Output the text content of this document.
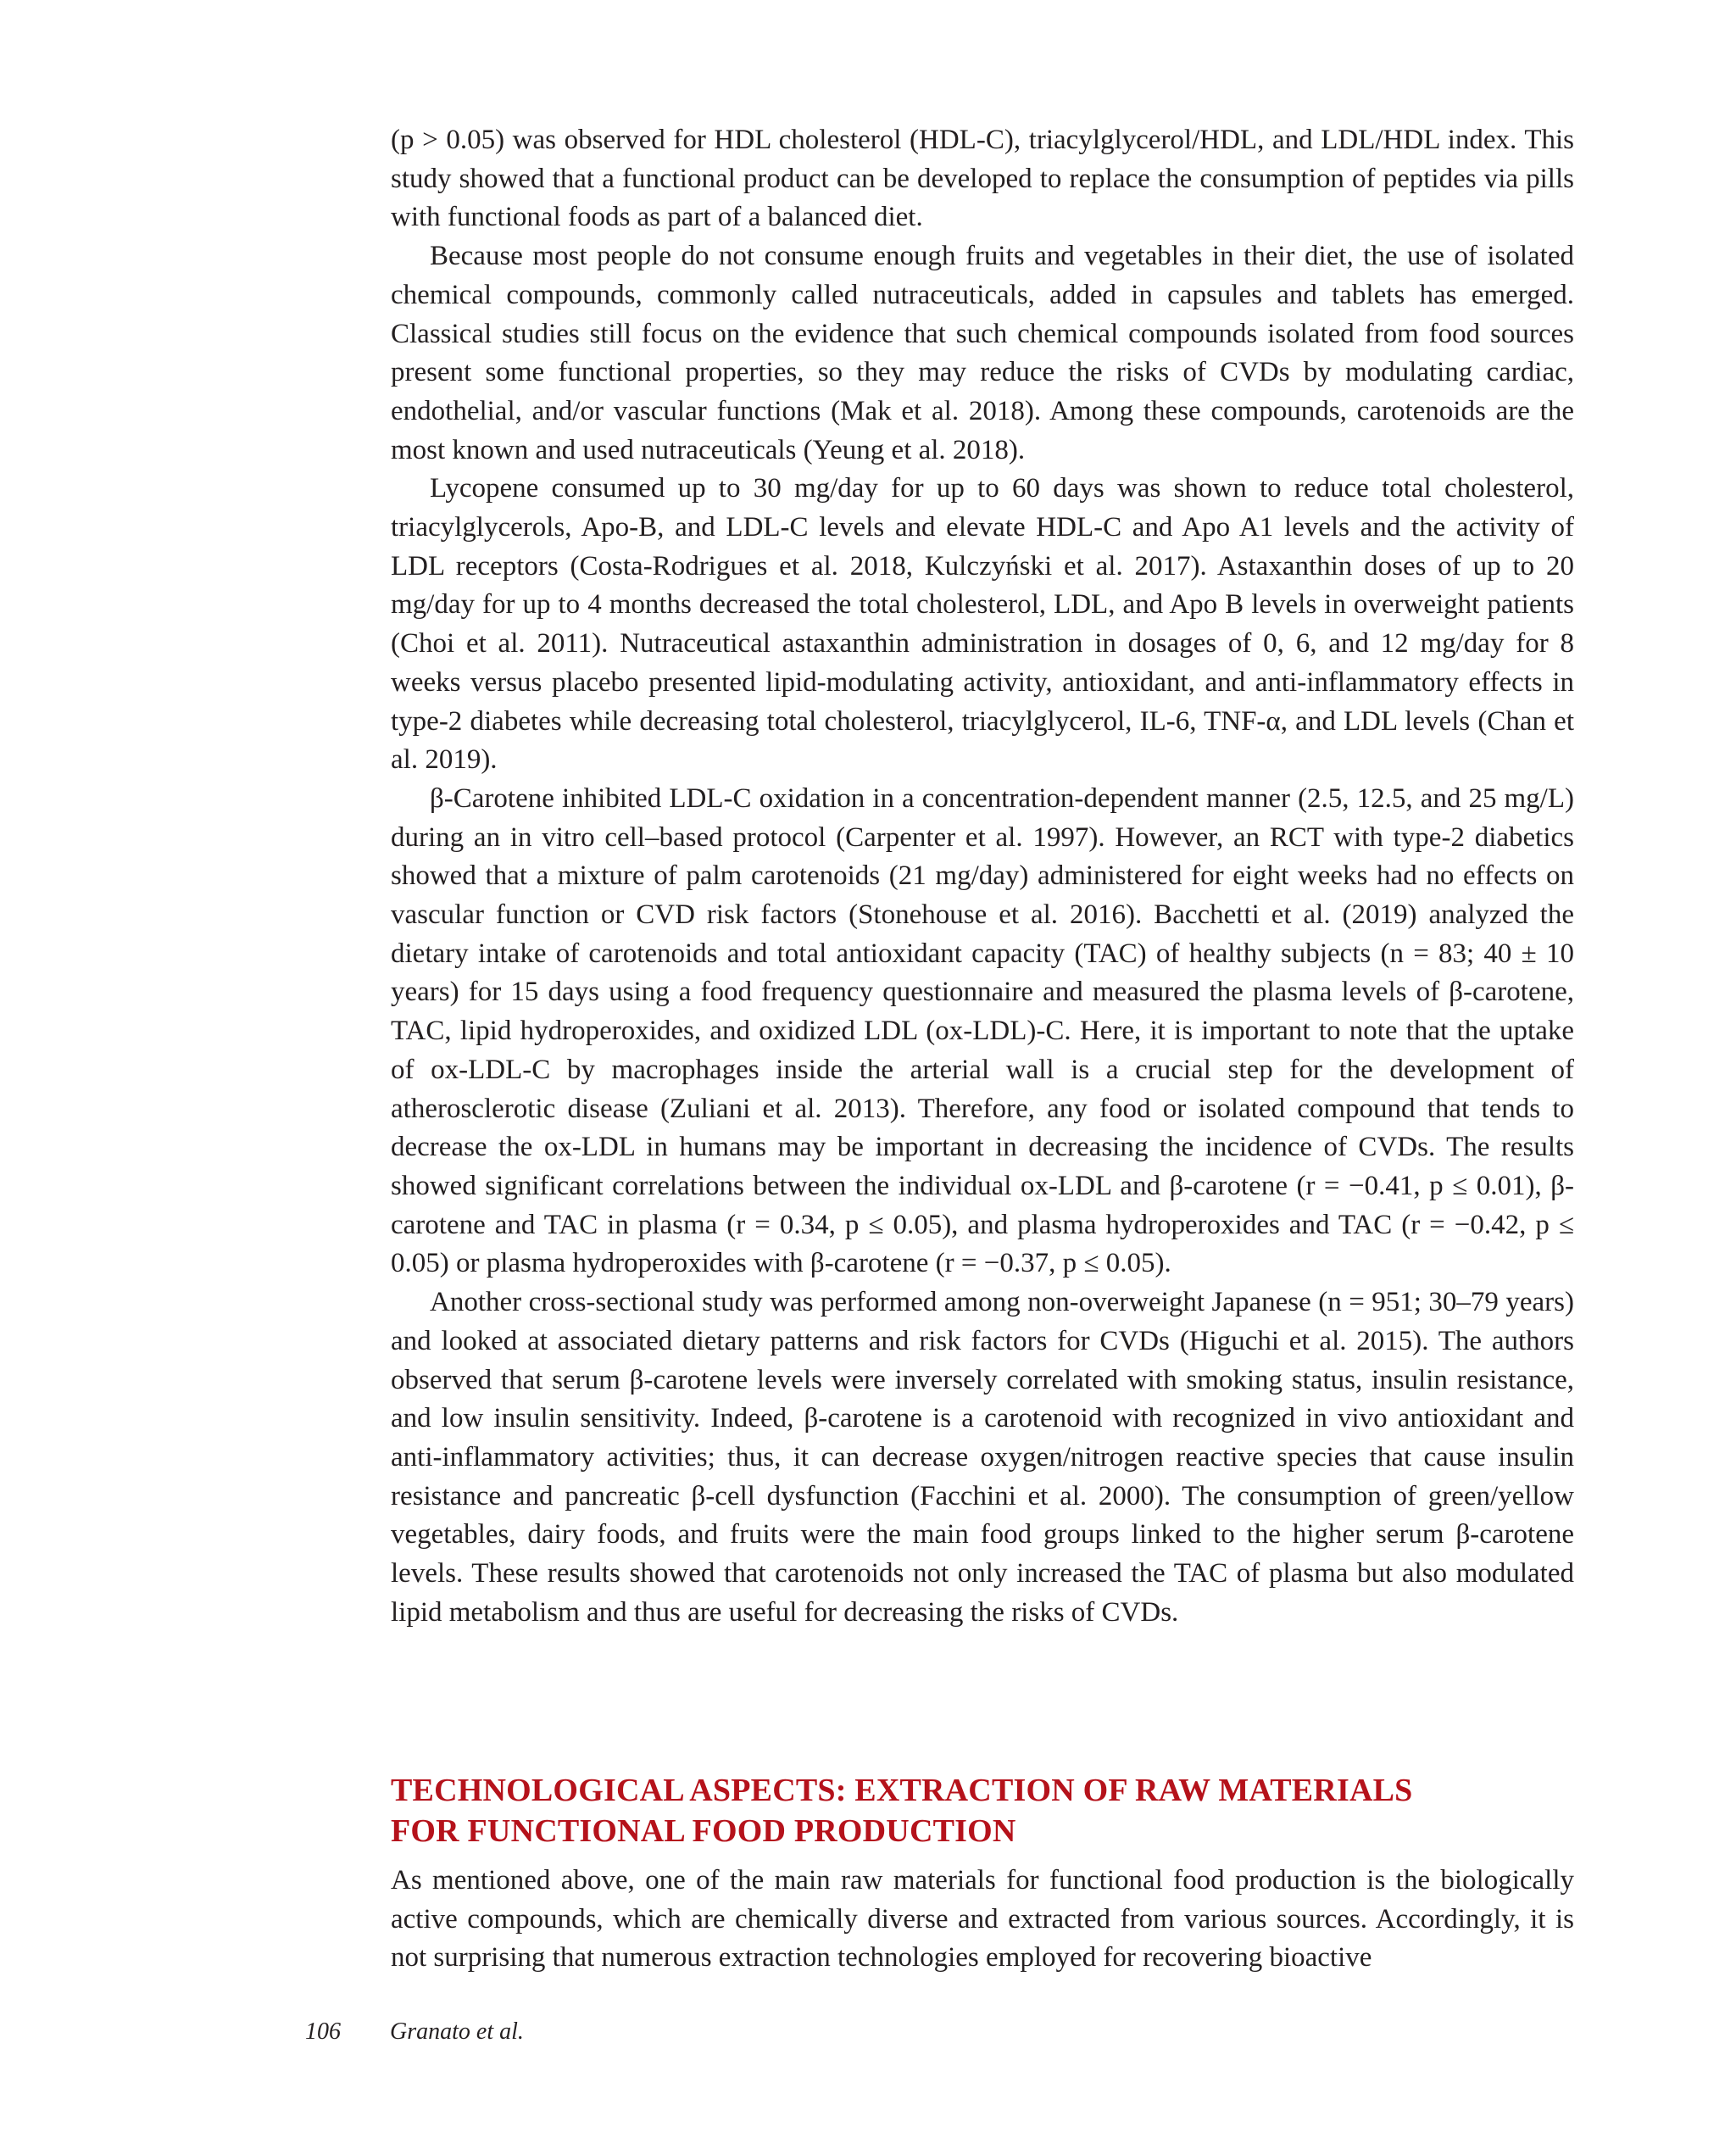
(p > 0.05) was observed for HDL cholesterol (HDL-C), triacylglycerol/HDL, and LDL/HDL index. This study showed that a functional product can be developed to replace the consumption of peptides via pills with functional foods as part of a balanced diet.

Because most people do not consume enough fruits and vegetables in their diet, the use of isolated chemical compounds, commonly called nutraceuticals, added in capsules and tablets has emerged. Classical studies still focus on the evidence that such chemical compounds isolated from food sources present some functional properties, so they may reduce the risks of CVDs by modulating cardiac, endothelial, and/or vascular functions (Mak et al. 2018). Among these compounds, carotenoids are the most known and used nutraceuticals (Yeung et al. 2018).

Lycopene consumed up to 30 mg/day for up to 60 days was shown to reduce total cholesterol, triacylglycerols, Apo-B, and LDL-C levels and elevate HDL-C and Apo A1 levels and the activity of LDL receptors (Costa-Rodrigues et al. 2018, Kulczyński et al. 2017). Astaxanthin doses of up to 20 mg/day for up to 4 months decreased the total cholesterol, LDL, and Apo B levels in overweight patients (Choi et al. 2011). Nutraceutical astaxanthin administration in dosages of 0, 6, and 12 mg/day for 8 weeks versus placebo presented lipid-modulating activity, antioxidant, and anti-inflammatory effects in type-2 diabetes while decreasing total cholesterol, triacylglycerol, IL-6, TNF-α, and LDL levels (Chan et al. 2019).

β-Carotene inhibited LDL-C oxidation in a concentration-dependent manner (2.5, 12.5, and 25 mg/L) during an in vitro cell–based protocol (Carpenter et al. 1997). However, an RCT with type-2 diabetics showed that a mixture of palm carotenoids (21 mg/day) administered for eight weeks had no effects on vascular function or CVD risk factors (Stonehouse et al. 2016). Bacchetti et al. (2019) analyzed the dietary intake of carotenoids and total antioxidant capacity (TAC) of healthy subjects (n = 83; 40 ± 10 years) for 15 days using a food frequency questionnaire and measured the plasma levels of β-carotene, TAC, lipid hydroperoxides, and oxidized LDL (ox-LDL)-C. Here, it is important to note that the uptake of ox-LDL-C by macrophages inside the arterial wall is a crucial step for the development of atherosclerotic disease (Zuliani et al. 2013). Therefore, any food or isolated compound that tends to decrease the ox-LDL in humans may be important in decreasing the incidence of CVDs. The results showed significant correlations between the individual ox-LDL and β-carotene (r = −0.41, p ≤ 0.01), β-carotene and TAC in plasma (r = 0.34, p ≤ 0.05), and plasma hydroperoxides and TAC (r = −0.42, p ≤ 0.05) or plasma hydroperoxides with β-carotene (r = −0.37, p ≤ 0.05).

Another cross-sectional study was performed among non-overweight Japanese (n = 951; 30–79 years) and looked at associated dietary patterns and risk factors for CVDs (Higuchi et al. 2015). The authors observed that serum β-carotene levels were inversely correlated with smoking status, insulin resistance, and low insulin sensitivity. Indeed, β-carotene is a carotenoid with recognized in vivo antioxidant and anti-inflammatory activities; thus, it can decrease oxygen/nitrogen reactive species that cause insulin resistance and pancreatic β-cell dysfunction (Facchini et al. 2000). The consumption of green/yellow vegetables, dairy foods, and fruits were the main food groups linked to the higher serum β-carotene levels. These results showed that carotenoids not only increased the TAC of plasma but also modulated lipid metabolism and thus are useful for decreasing the risks of CVDs.

TECHNOLOGICAL ASPECTS: EXTRACTION OF RAW MATERIALS
FOR FUNCTIONAL FOOD PRODUCTION

As mentioned above, one of the main raw materials for functional food production is the biologically active compounds, which are chemically diverse and extracted from various sources. Accordingly, it is not surprising that numerous extraction technologies employed for recovering bioactive

106 Granato et al.
